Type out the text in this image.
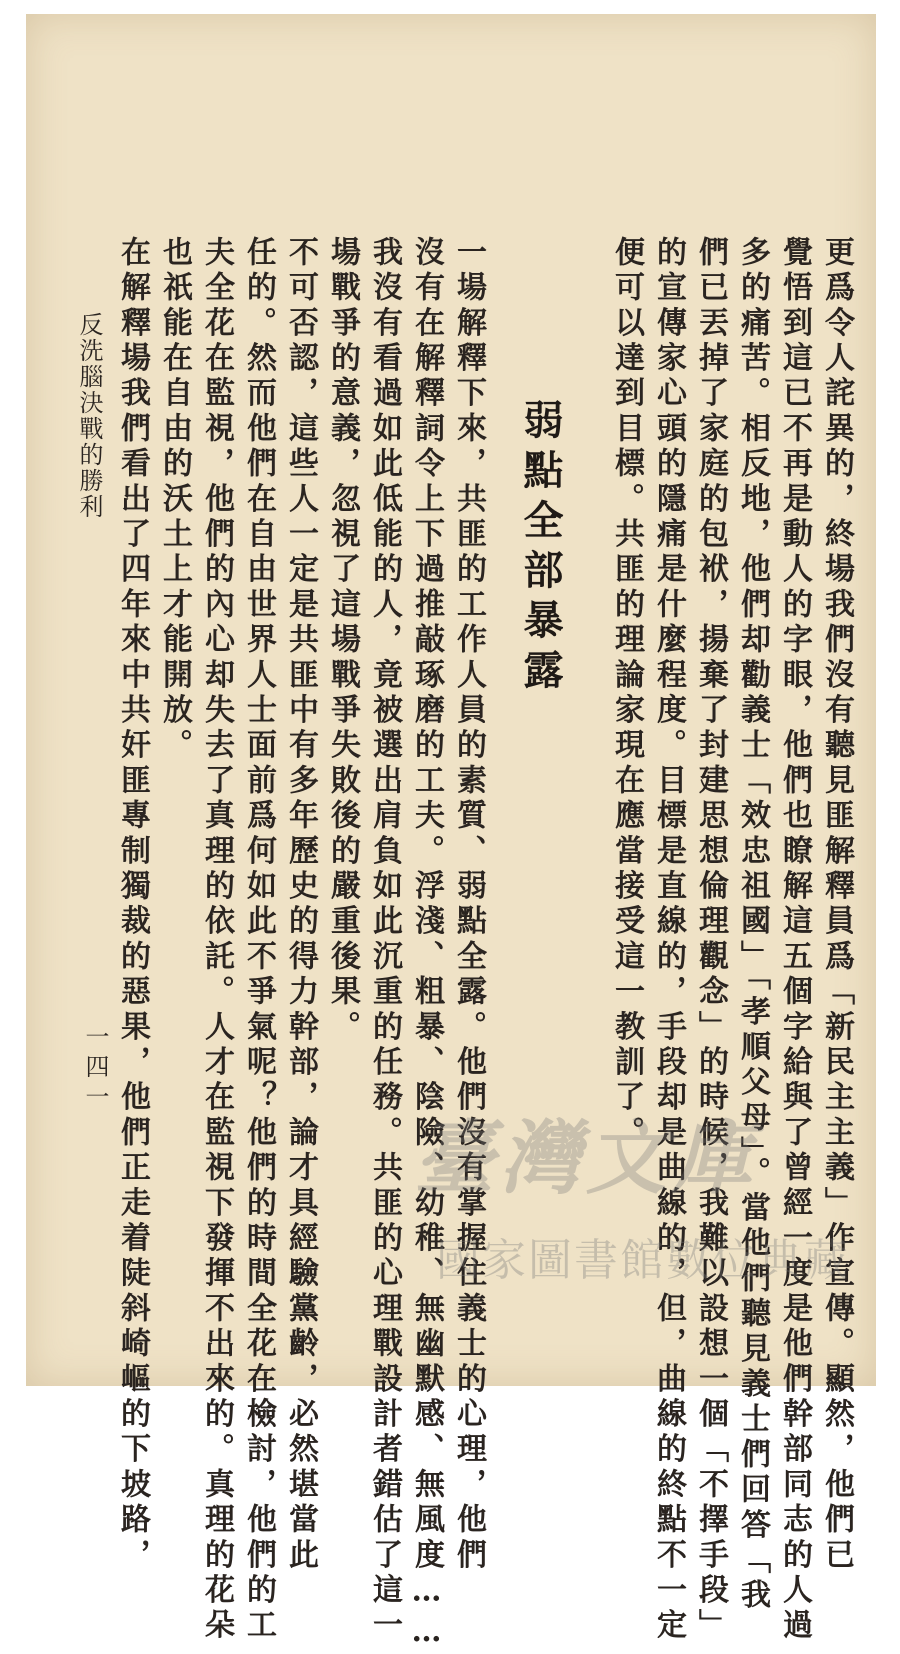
更爲令人詫異的，終場我們沒有聽見匪解釋員爲「新民主主義」作宣傳。顯然，他們已
覺悟到這已不再是動人的字眼，他們也瞭解這五個字給與了曾經一度是他們幹部同志的人過
多的痛苦。相反地，他們却勸義士「效忠祖國」「孝順父母」。當他們聽見義士們回答「我
們已丟掉了家庭的包袱，揚棄了封建思想倫理觀念」的時候，我難以設想一個「不擇手段」
的宣傳家心頭的隱痛是什麼程度。目標是直線的，手段却是曲線的，但，曲線的終點不一定
便可以達到目標。共匪的理論家現在應當接受這一教訓了。
弱點全部暴露
一場解釋下來，共匪的工作人員的素質、弱點全露。他們沒有掌握住義士的心理，他們
沒有在解釋詞令上下過推敲琢磨的工夫。浮淺、粗暴、陰險、幼稚、無幽默感、無風度……
我沒有看過如此低能的人，竟被選出肩負如此沉重的任務。共匪的心理戰設計者錯估了這一
場戰爭的意義，忽視了這場戰爭失敗後的嚴重後果。
不可否認，這些人一定是共匪中有多年歷史的得力幹部，論才具經驗黨齡，必然堪當此
任的。然而他們在自由世界人士面前爲何如此不爭氣呢？他們的時間全花在檢討，他們的工
夫全花在監視，他們的內心却失去了真理的依託。人才在監視下發揮不出來的。真理的花朵
也祇能在自由的沃土上才能開放。
在解釋場我們看出了四年來中共奸匪專制獨裁的惡果，他們正走着陡斜崎嶇的下坡路，
反洗腦決戰的勝利
一四一
臺灣文庫
國家圖書館數位典藏
